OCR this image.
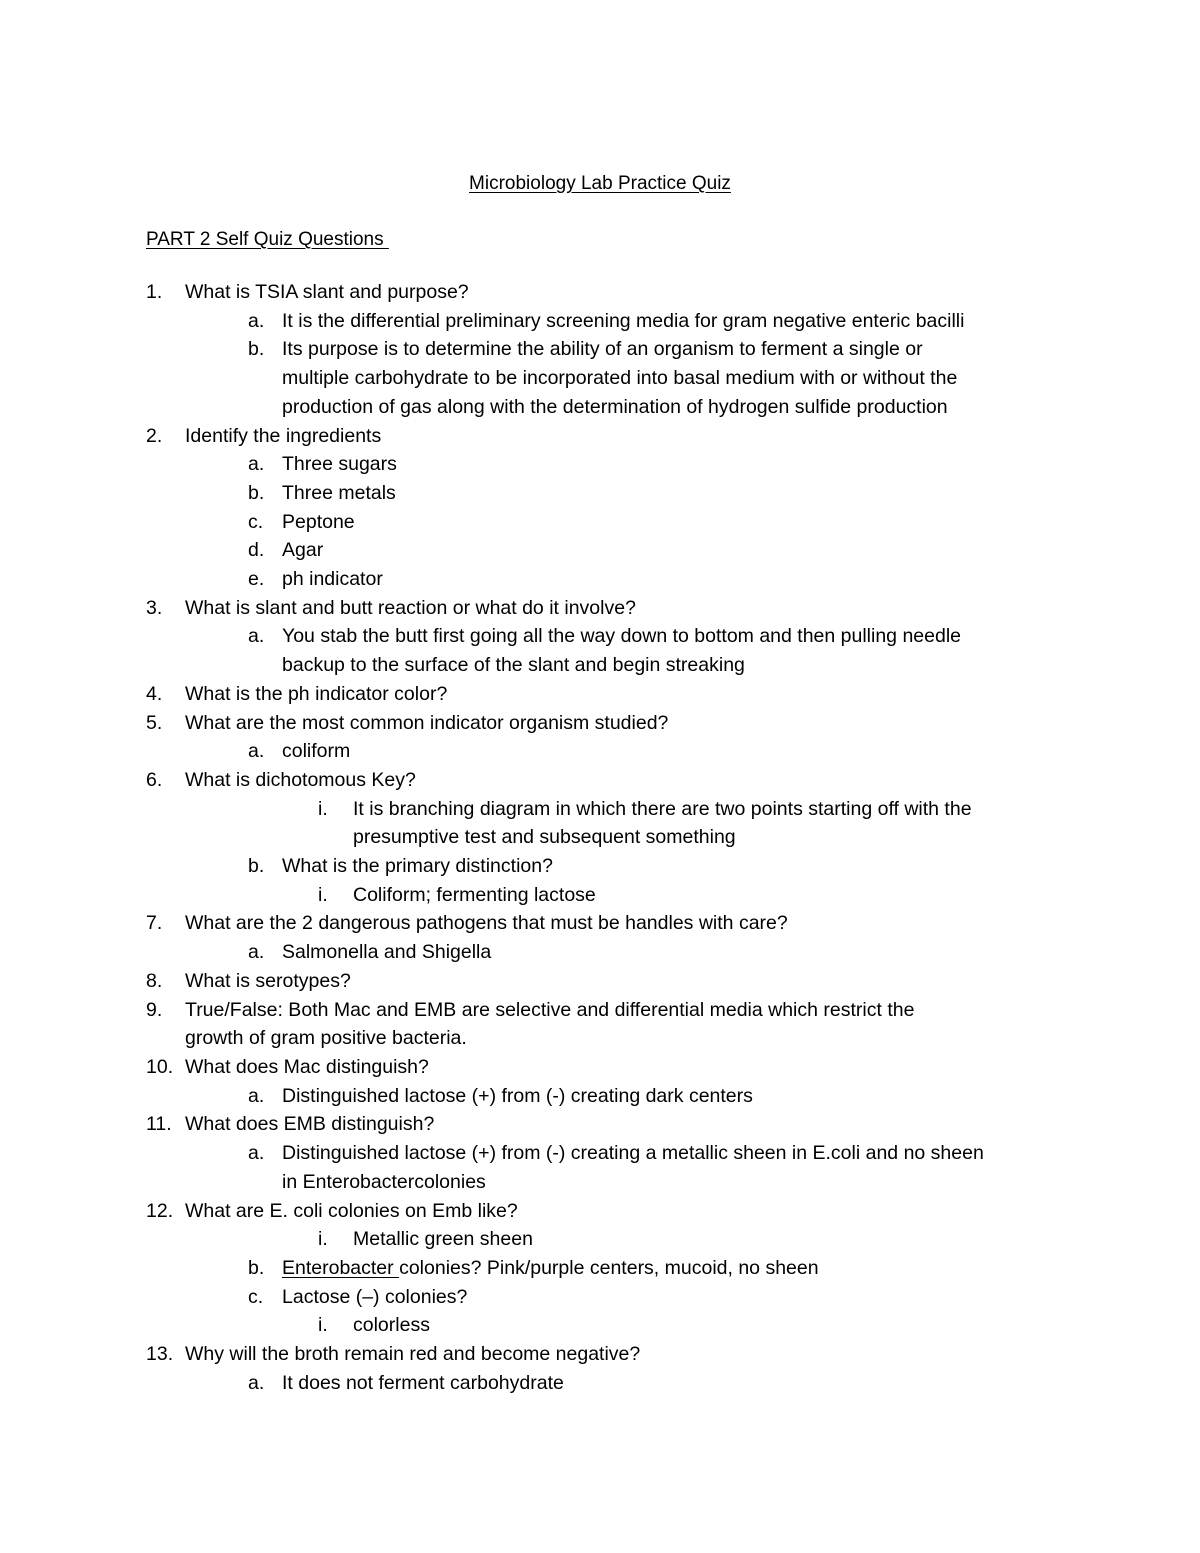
Microbiology Lab Practice Quiz
PART 2 Self Quiz Questions
1. What is TSIA slant and purpose?
a. It is the differential preliminary screening media for gram negative enteric bacilli
b. Its purpose is to determine the ability of an organism to ferment a single or
multiple carbohydrate to be incorporated into basal medium with or without the
production of gas along with the determination of hydrogen sulfide production
2. Identify the ingredients
a. Three sugars
b. Three metals
c. Peptone
d. Agar
e. ph indicator
3. What is slant and butt reaction or what do it involve?
a. You stab the butt first going all the way down to bottom and then pulling needle
backup to the surface of the slant and begin streaking
4. What is the ph indicator color?
5. What are the most common indicator organism studied?
a. coliform
6. What is dichotomous Key?
i. It is branching diagram in which there are two points starting off with the
presumptive test and subsequent something
b. What is the primary distinction?
i. Coliform; fermenting lactose
7. What are the 2 dangerous pathogens that must be handles with care?
a. Salmonella and Shigella
8. What is serotypes?
9. True/False: Both Mac and EMB are selective and differential media which restrict the
growth of gram positive bacteria.
10. What does Mac distinguish?
a. Distinguished lactose (+) from (-) creating dark centers
11. What does EMB distinguish?
a. Distinguished lactose (+) from (-) creating a metallic sheen in E.coli and no sheen
in Enterobactercolonies
12. What are E. coli colonies on Emb like?
i. Metallic green sheen
b. Enterobacter colonies? Pink/purple centers, mucoid, no sheen
c. Lactose (–) colonies?
i. colorless
13. Why will the broth remain red and become negative?
a. It does not ferment carbohydrate
